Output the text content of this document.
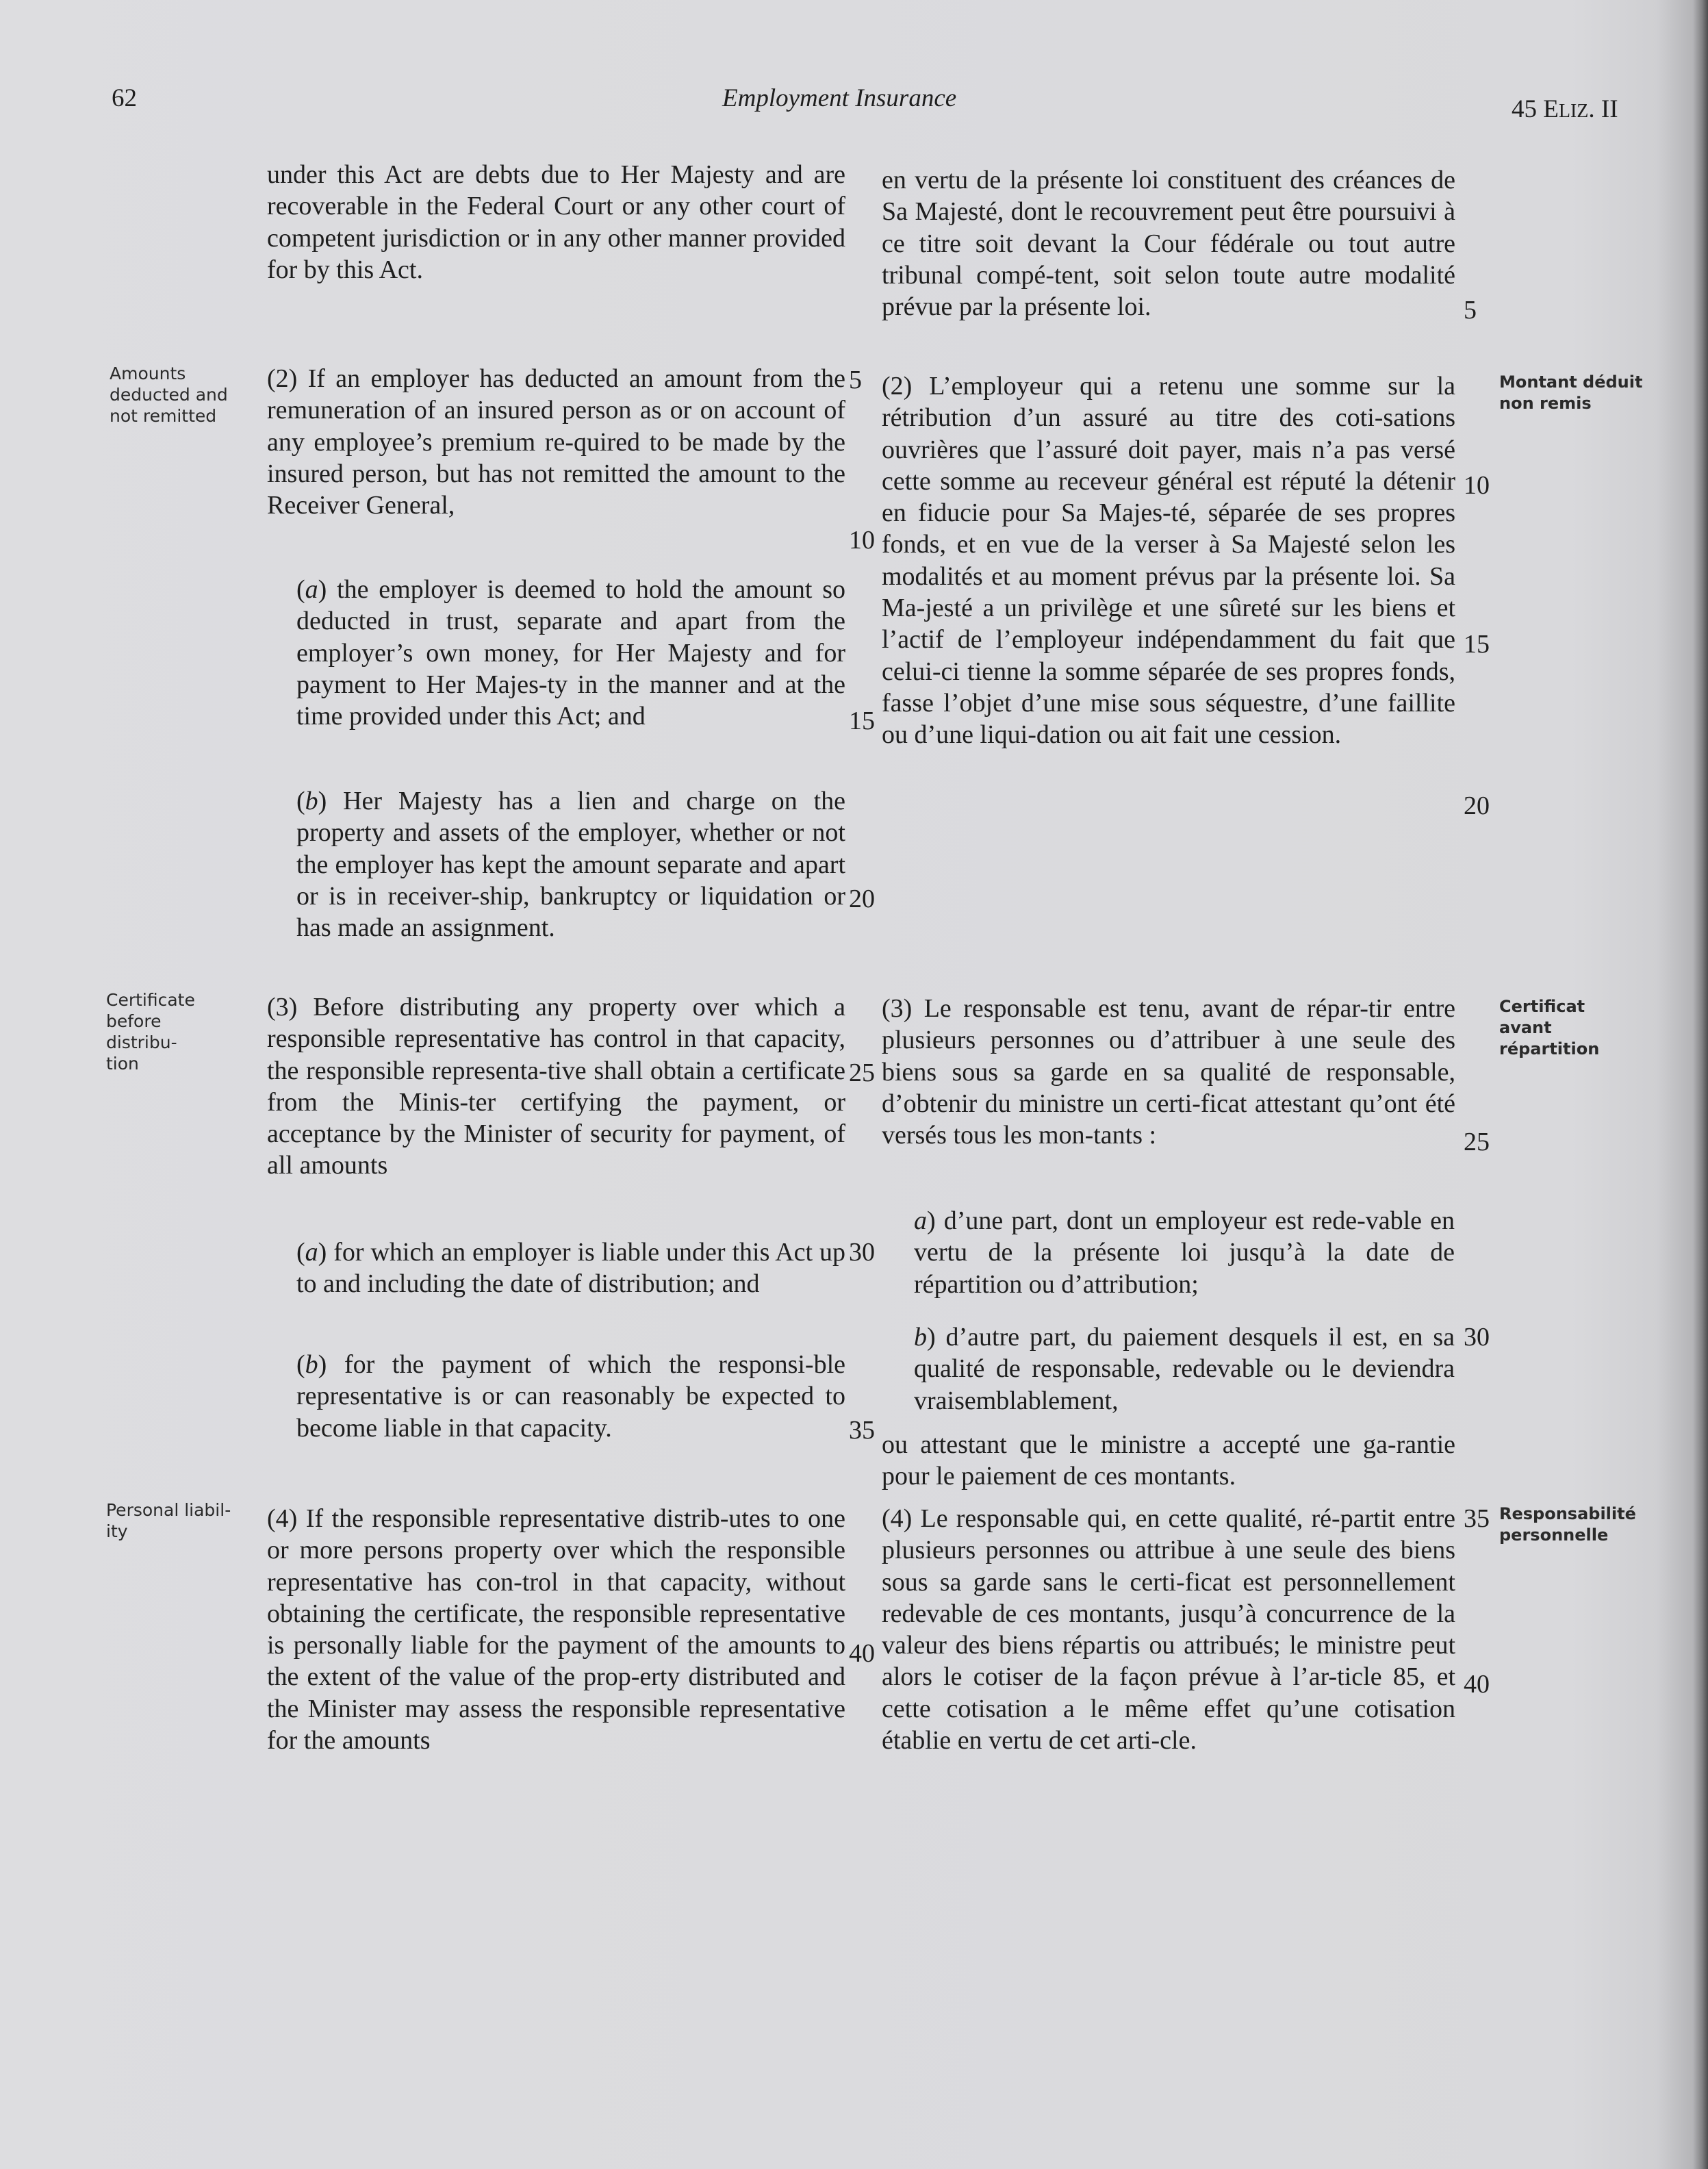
62	Employment Insurance	45 ELIZ. II
Amounts
deducted and
not remitted
Certificate
before distribu-
tion
Personal liabil-
ity
Montant déduit
non remis
Certificat avant
répartition
Responsabilité
personnelle
under this Act are debts due to Her Majesty and are recoverable in the Federal Court or any other court of competent jurisdiction or in any other manner provided for by this Act.
(2) If an employer has deducted an amount from the remuneration of an insured person as or on account of any employee’s premium re-quired to be made by the insured person, but has not remitted the amount to the Receiver General,
(a) the employer is deemed to hold the amount so deducted in trust, separate and apart from the employer’s own money, for Her Majesty and for payment to Her Majes-ty in the manner and at the time provided under this Act; and
(b) Her Majesty has a lien and charge on the property and assets of the employer, whether or not the employer has kept the amount separate and apart or is in receiver-ship, bankruptcy or liquidation or has made an assignment.
(3) Before distributing any property over which a responsible representative has control in that capacity, the responsible representa-tive shall obtain a certificate from the Minis-ter certifying the payment, or acceptance by the Minister of security for payment, of all amounts
(a) for which an employer is liable under this Act up to and including the date of distribution; and
(b) for the payment of which the responsi-ble representative is or can reasonably be expected to become liable in that capacity.
(4) If the responsible representative distrib-utes to one or more persons property over which the responsible representative has con-trol in that capacity, without obtaining the certificate, the responsible representative is personally liable for the payment of the amounts to the extent of the value of the prop-erty distributed and the Minister may assess the responsible representative for the amounts
en vertu de la présente loi constituent des créances de Sa Majesté, dont le recouvrement peut être poursuivi à ce titre soit devant la Cour fédérale ou tout autre tribunal compé-tent, soit selon toute autre modalité prévue par la présente loi.
(2) L’employeur qui a retenu une somme sur la rétribution d’un assuré au titre des coti-sations ouvrières que l’assuré doit payer, mais n’a pas versé cette somme au receveur général est réputé la détenir en fiducie pour Sa Majes-té, séparée de ses propres fonds, et en vue de la verser à Sa Majesté selon les modalités et au moment prévus par la présente loi. Sa Ma-jesté a un privilège et une sûreté sur les biens et l’actif de l’employeur indépendamment du fait que celui-ci tienne la somme séparée de ses propres fonds, fasse l’objet d’une mise sous séquestre, d’une faillite ou d’une liqui-dation ou ait fait une cession.
(3) Le responsable est tenu, avant de répar-tir entre plusieurs personnes ou d’attribuer à une seule des biens sous sa garde en sa qualité de responsable, d’obtenir du ministre un certi-ficat attestant qu’ont été versés tous les mon-tants :
a) d’une part, dont un employeur est rede-vable en vertu de la présente loi jusqu’à la date de répartition ou d’attribution;
b) d’autre part, du paiement desquels il est, en sa qualité de responsable, redevable ou le deviendra vraisemblablement,
ou attestant que le ministre a accepté une ga-rantie pour le paiement de ces montants.
(4) Le responsable qui, en cette qualité, ré-partit entre plusieurs personnes ou attribue à une seule des biens sous sa garde sans le certi-ficat est personnellement redevable de ces montants, jusqu’à concurrence de la valeur des biens répartis ou attribués; le ministre peut alors le cotiser de la façon prévue à l’ar-ticle 85, et cette cotisation a le même effet qu’une cotisation établie en vertu de cet arti-cle.
5
10
15
20
25
30
35
40
5
10
15
20
25
30
35
40
